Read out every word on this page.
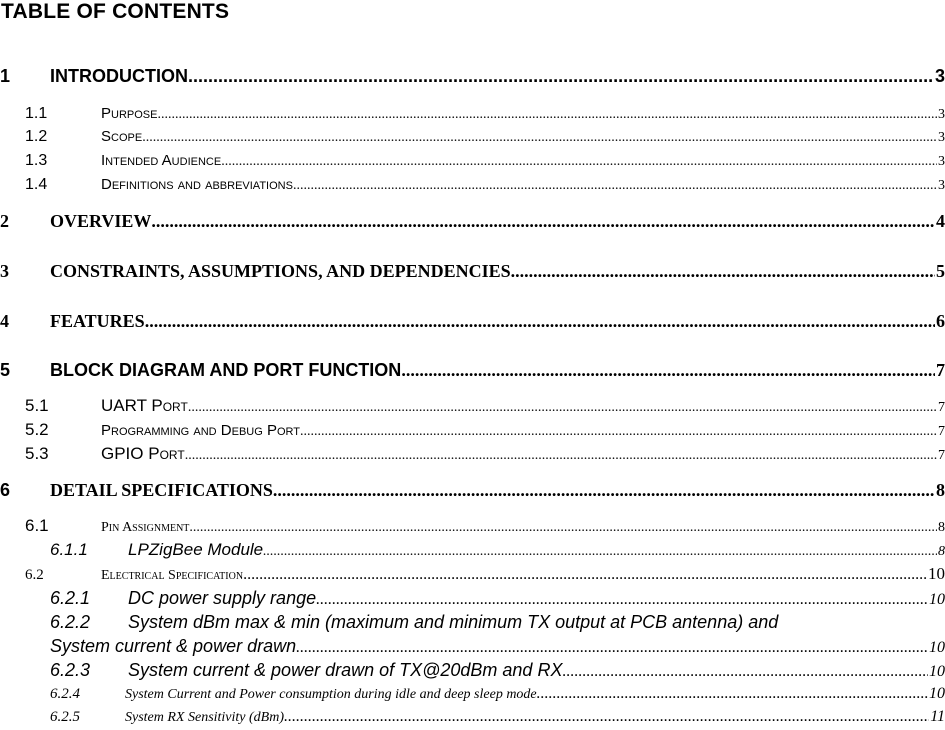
TABLE OF CONTENTS
1	INTRODUCTION .....	3
1.1	Purpose .....	3
1.2	Scope .....	3
1.3	Intended Audience .....	3
1.4	Definitions and abbreviations .....	3
2	OVERVIEW .....	4
3	CONSTRAINTS, ASSUMPTIONS, AND DEPENDENCIES .....	5
4	FEATURES .....	6
5	BLOCK DIAGRAM AND PORT FUNCTION .....	7
5.1	UART Port .....	7
5.2	Programming and Debug Port .....	7
5.3	GPIO Port .....	7
6	DETAIL SPECIFICATIONS .....	8
6.1	Pin Assignment .....	8
6.1.1	LPZigBee Module .....	8
6.2	Electrical Specification .....	10
6.2.1	DC power supply range .....	10
6.2.2	System dBm max & min (maximum and minimum TX output at PCB antenna) and
System current & power drawn .....	10
6.2.3	System current & power drawn of TX@20dBm and RX .....	10
6.2.4	System Current and Power consumption during idle and deep sleep mode .....	10
6.2.5	System RX Sensitivity (dBm) .....	11
